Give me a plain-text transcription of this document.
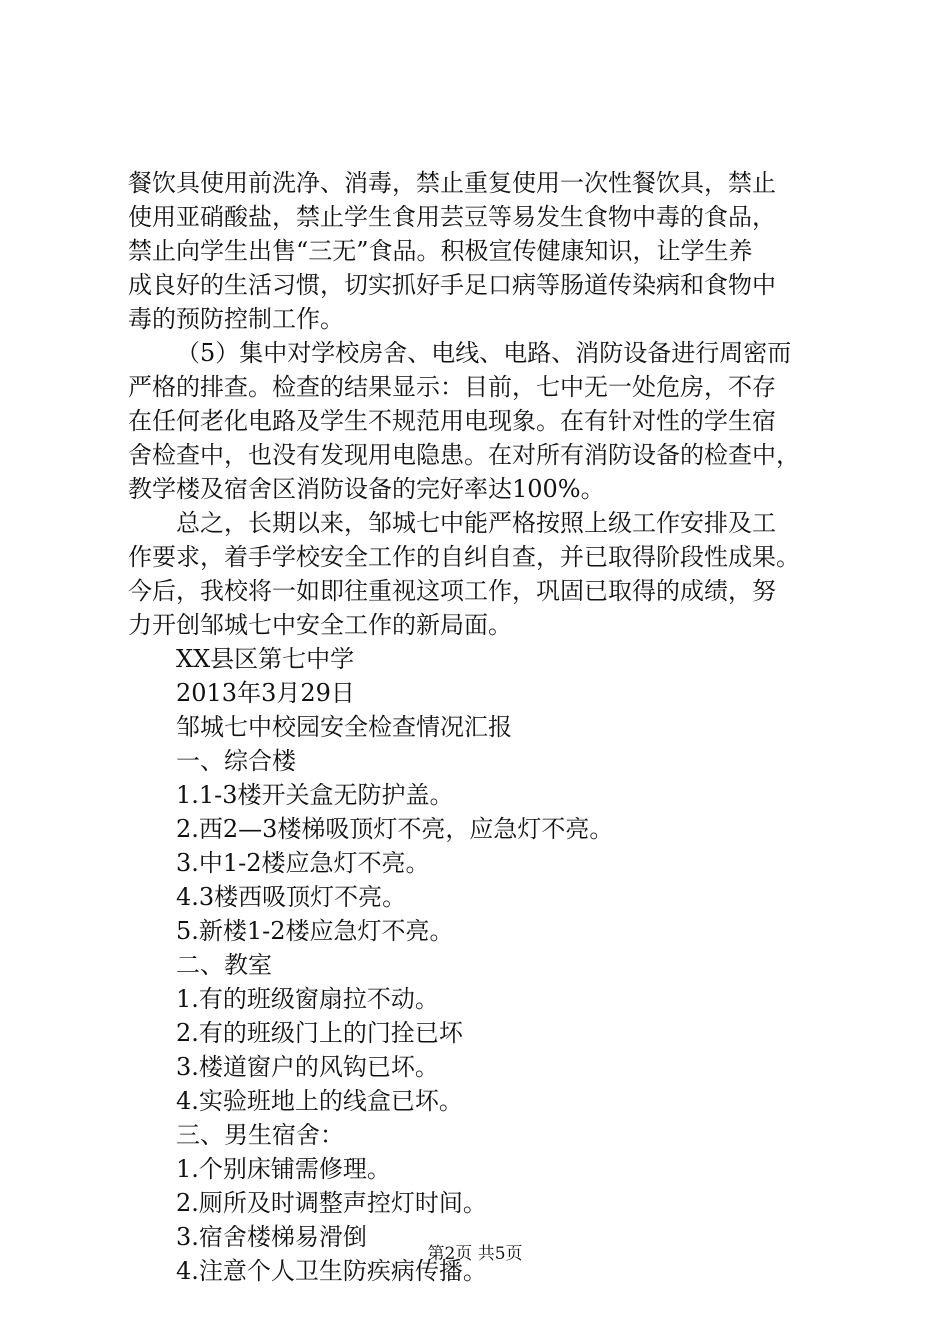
餐饮具使用前洗净、消毒，禁止重复使用一次性餐饮具，禁止

使用亚硝酸盐，禁止学生食用芸豆等易发生食物中毒的食品，

禁止向学生出售“三无”食品。积极宣传健康知识，让学生养

成良好的生活习惯，切实抓好手足口病等肠道传染病和食物中

毒的预防控制工作。

（5）集中对学校房舍、电线、电路、消防设备进行周密而

严格的排查。检查的结果显示：目前，七中无一处危房，不存

在任何老化电路及学生不规范用电现象。在有针对性的学生宿

舍检查中，也没有发现用电隐患。在对所有消防设备的检查中，

教学楼及宿舍区消防设备的完好率达100%。

总之，长期以来，邹城七中能严格按照上级工作安排及工

作要求，着手学校安全工作的自纠自查，并已取得阶段性成果。

今后，我校将一如即往重视这项工作，巩固已取得的成绩，努

力开创邹城七中安全工作的新局面。

XX县区第七中学

2013年3月29日

邹城七中校园安全检查情况汇报

一、综合楼

1.1-3楼开关盒无防护盖。

2.西2—3楼梯吸顶灯不亮，应急灯不亮。

3.中1-2楼应急灯不亮。

4.3楼西吸顶灯不亮。

5.新楼1-2楼应急灯不亮。

二、教室

1.有的班级窗扇拉不动。

2.有的班级门上的门拴已坏

3.楼道窗户的风钩已坏。

4.实验班地上的线盒已坏。

三、男生宿舍：

1.个别床铺需修理。

2.厕所及时调整声控灯时间。

3.宿舍楼梯易滑倒

4.注意个人卫生防疾病传播。

第2页 共5页
